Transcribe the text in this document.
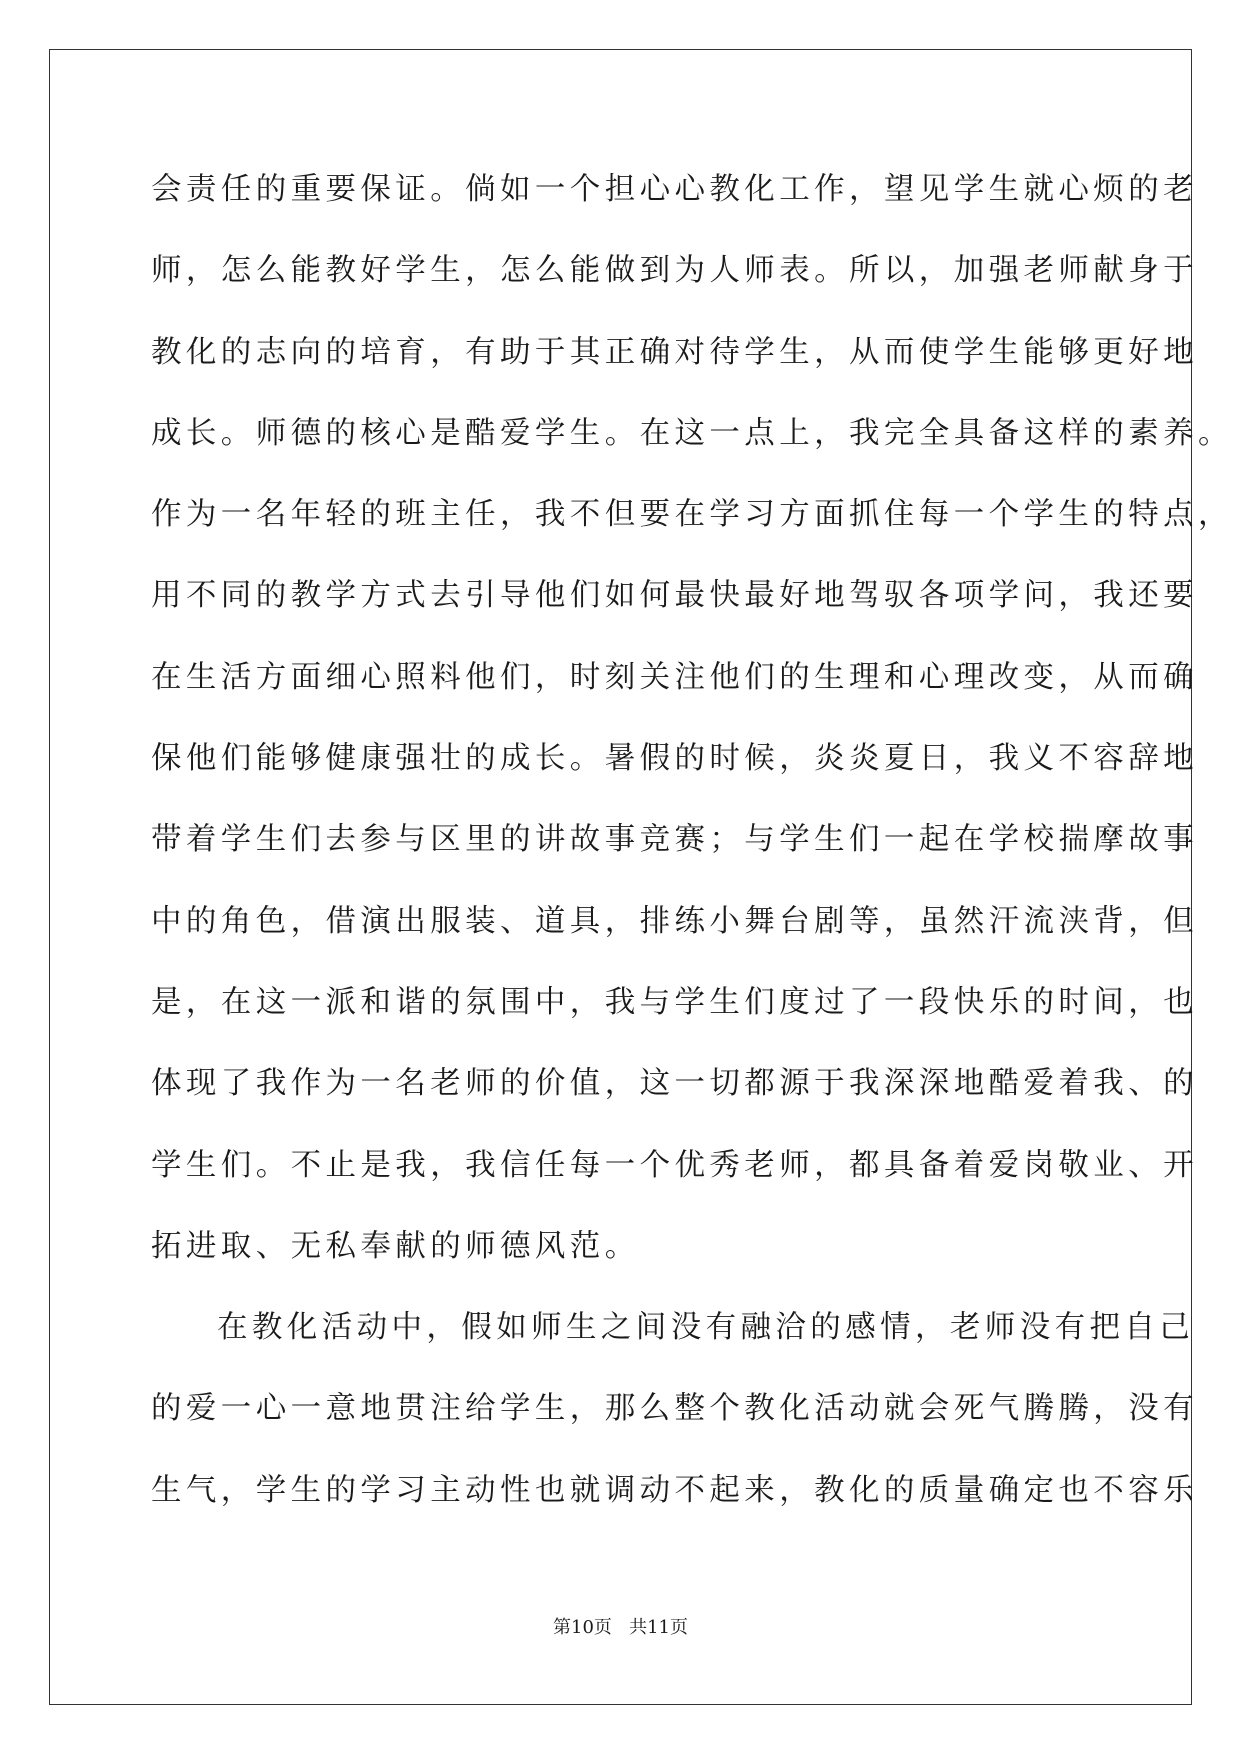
会责任的重要保证。倘如一个担心心教化工作，望见学生就心烦的老
师，怎么能教好学生，怎么能做到为人师表。所以，加强老师献身于
教化的志向的培育，有助于其正确对待学生，从而使学生能够更好地
成长。师德的核心是酷爱学生。在这一点上，我完全具备这样的素养。
作为一名年轻的班主任，我不但要在学习方面抓住每一个学生的特点，
用不同的教学方式去引导他们如何最快最好地驾驭各项学问，我还要
在生活方面细心照料他们，时刻关注他们的生理和心理改变，从而确
保他们能够健康强壮的成长。暑假的时候，炎炎夏日，我义不容辞地
带着学生们去参与区里的讲故事竞赛；与学生们一起在学校揣摩故事
中的角色，借演出服装、道具，排练小舞台剧等，虽然汗流浃背，但
是，在这一派和谐的氛围中，我与学生们度过了一段快乐的时间，也
体现了我作为一名老师的价值，这一切都源于我深深地酷爱着我、的
学生们。不止是我，我信任每一个优秀老师，都具备着爱岗敬业、开
拓进取、无私奉献的师德风范。
在教化活动中，假如师生之间没有融洽的感情，老师没有把自己
的爱一心一意地贯注给学生，那么整个教化活动就会死气腾腾，没有
生气，学生的学习主动性也就调动不起来，教化的质量确定也不容乐
第10页   共11页
